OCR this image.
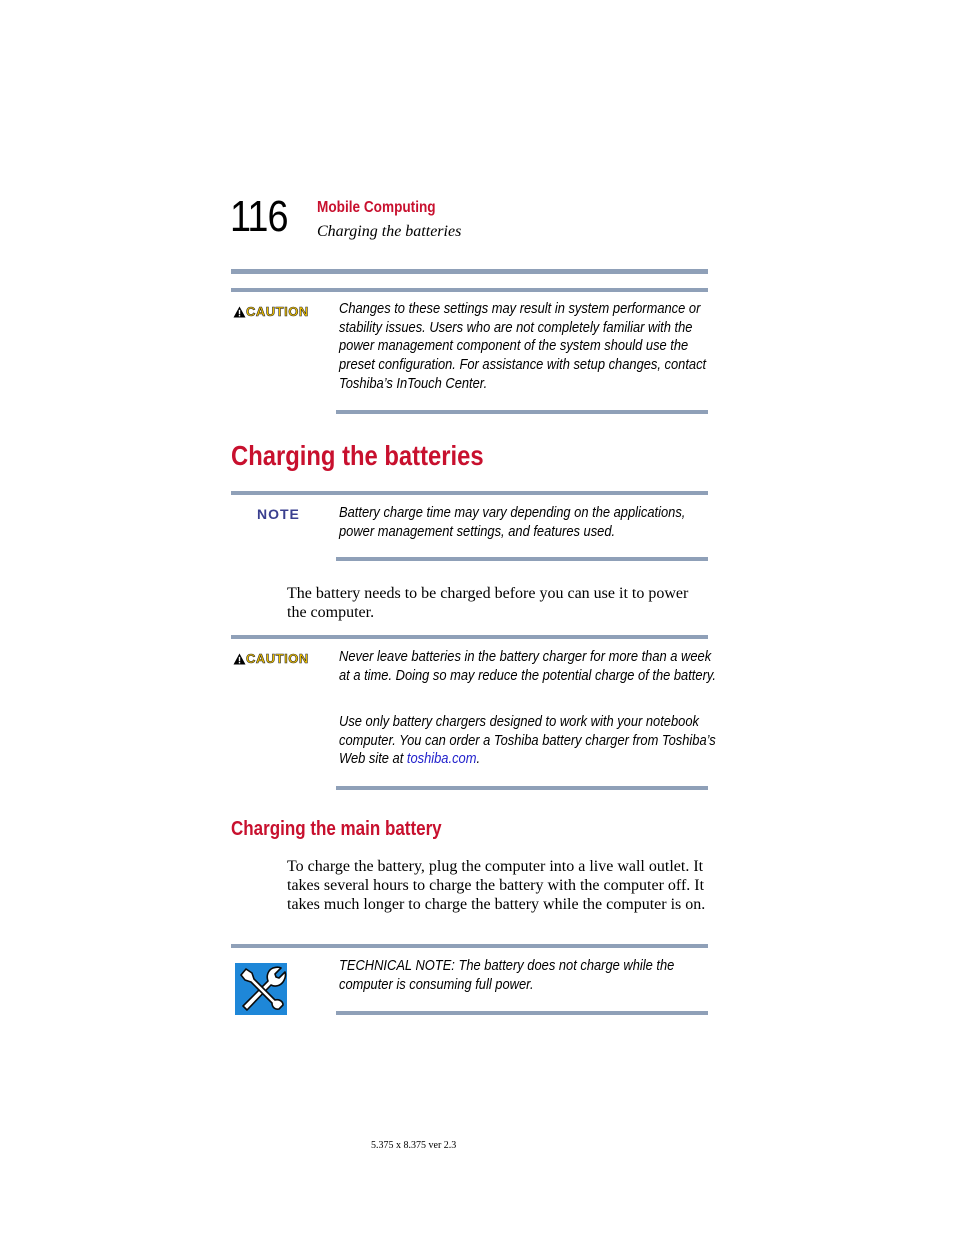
116 Mobile Computing
Charging the batteries
CAUTION Changes to these settings may result in system performance or stability issues. Users who are not completely familiar with the power management component of the system should use the preset configuration. For assistance with setup changes, contact Toshiba’s InTouch Center.
Charging the batteries
NOTE	Battery charge time may vary depending on the applications, power management settings, and features used.
The battery needs to be charged before you can use it to power the computer.
CAUTION Never leave batteries in the battery charger for more than a week at a time. Doing so may reduce the potential charge of the battery.
Use only battery chargers designed to work with your notebook computer. You can order a Toshiba battery charger from Toshiba’s Web site at toshiba.com.
Charging the main battery
To charge the battery, plug the computer into a live wall outlet. It takes several hours to charge the battery with the computer off. It takes much longer to charge the battery while the computer is on.
TECHNICAL NOTE: The battery does not charge while the computer is consuming full power.
5.375 x 8.375 ver 2.3
